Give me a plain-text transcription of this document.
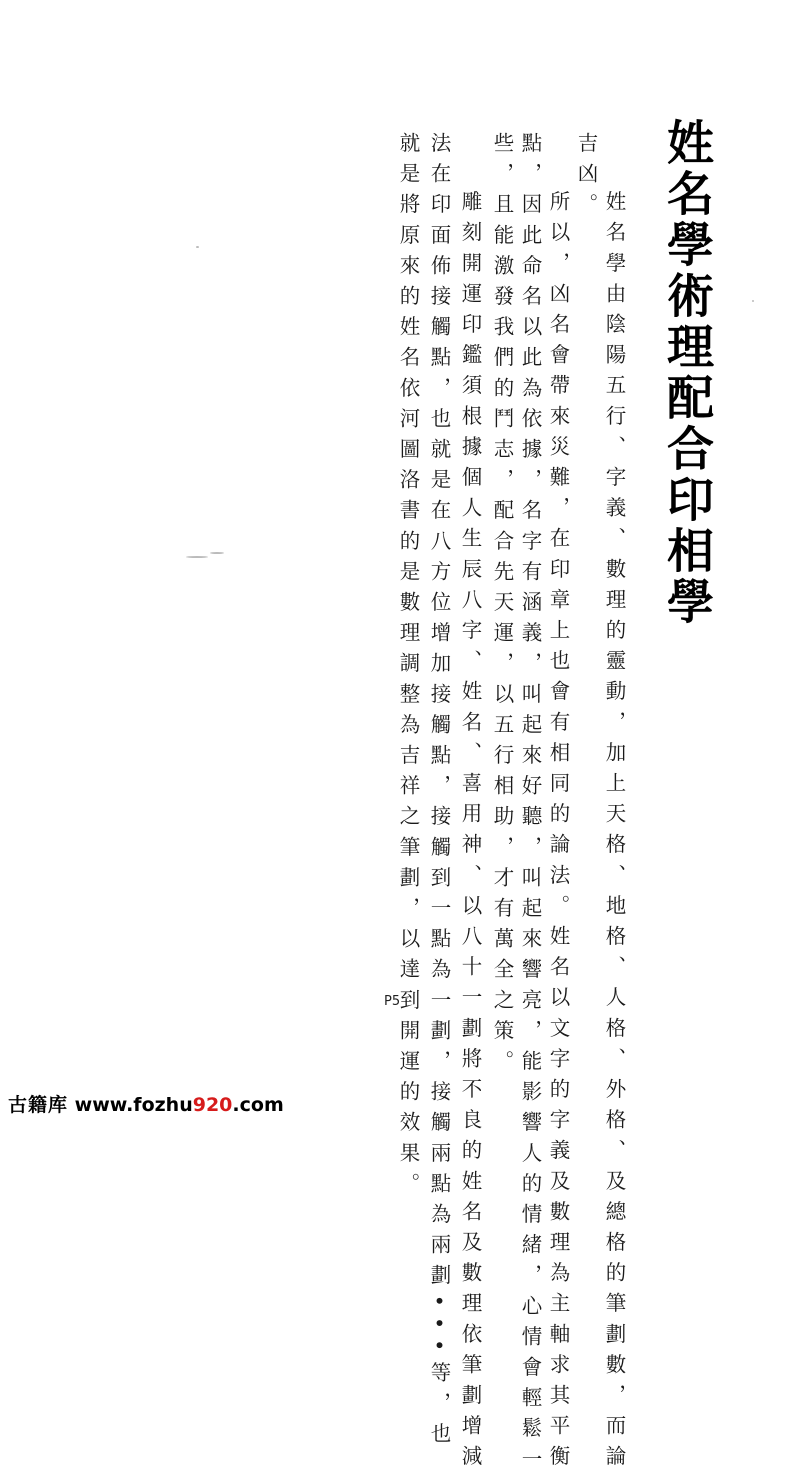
姓名學術理配合印相學
　姓名學由陰陽五行、字義、數理的靈動，加上天格、地格、人格、外格、及總格的筆劃數，而論
吉凶。
　所以，凶名會帶來災難，在印章上也會有相同的論法。姓名以文字的字義及數理為主軸求其平衡
點，因此命名以此為依據，名字有涵義，叫起來好聽，叫起來響亮，能影響人的情緒，心情會輕鬆一
些，且能激發我們的鬥志，配合先天運，以五行相助，才有萬全之策。
　雕刻開運印鑑須根據個人生辰八字、姓名、喜用神、以八十一劃將不良的姓名及數理依筆劃增減
法在印面佈接觸點，也就是在八方位增加接觸點，接觸到一點為一劃，接觸兩點為兩劃•••等，也
就是將原來的姓名依河圖洛書的是數理調整為吉祥之筆劃，以達到開運的效果。
P5
古籍库 www.fozhu920.com
